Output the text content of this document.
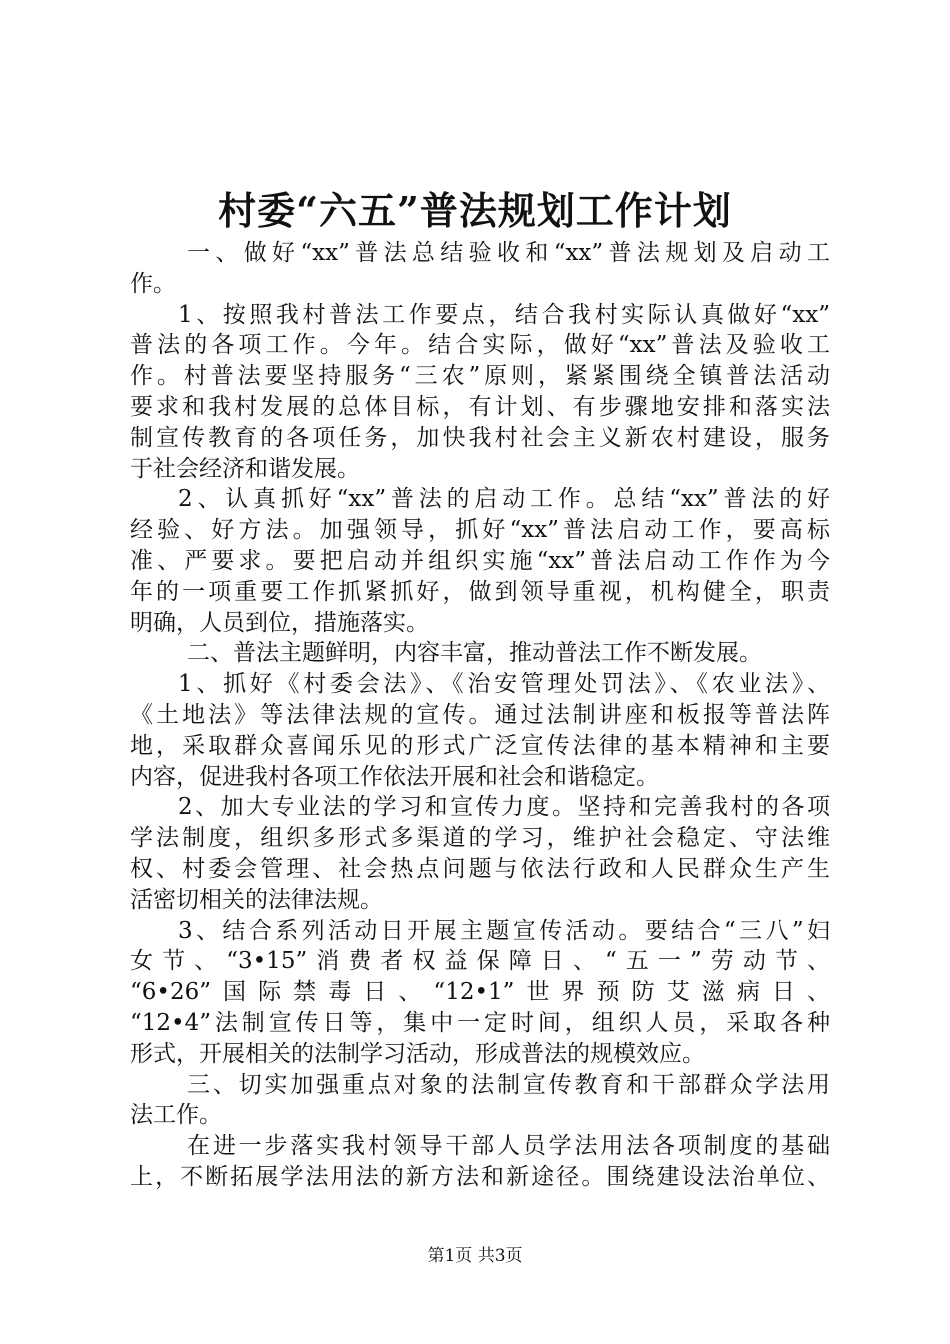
村委“六五”普法规划工作计划
一、做好“xx”普法总结验收和“xx”普法规划及启动工
作。
1、按照我村普法工作要点，结合我村实际认真做好“xx”
普法的各项工作。今年。结合实际，做好“xx”普法及验收工
作。村普法要坚持服务“三农”原则，紧紧围绕全镇普法活动
要求和我村发展的总体目标，有计划、有步骤地安排和落实法
制宣传教育的各项任务，加快我村社会主义新农村建设，服务
于社会经济和谐发展。
2、认真抓好“xx”普法的启动工作。总结“xx”普法的好
经验、好方法。加强领导，抓好“xx”普法启动工作，要高标
准、严要求。要把启动并组织实施“xx”普法启动工作作为今
年的一项重要工作抓紧抓好，做到领导重视，机构健全，职责
明确，人员到位，措施落实。
二、普法主题鲜明，内容丰富，推动普法工作不断发展。
1、抓好《村委会法》、《治安管理处罚法》、《农业法》、
《土地法》等法律法规的宣传。通过法制讲座和板报等普法阵
地，采取群众喜闻乐见的形式广泛宣传法律的基本精神和主要
内容，促进我村各项工作依法开展和社会和谐稳定。
2、加大专业法的学习和宣传力度。坚持和完善我村的各项
学法制度，组织多形式多渠道的学习，维护社会稳定、守法维
权、村委会管理、社会热点问题与依法行政和人民群众生产生
活密切相关的法律法规。
3、结合系列活动日开展主题宣传活动。要结合“三八”妇
女节、“3•15”消费者权益保障日、“五一”劳动节、
“6•26”国际禁毒日、“12•1”世界预防艾滋病日、
“12•4”法制宣传日等，集中一定时间，组织人员，采取各种
形式，开展相关的法制学习活动，形成普法的规模效应。
三、切实加强重点对象的法制宣传教育和干部群众学法用
法工作。
在进一步落实我村领导干部人员学法用法各项制度的基础
上，不断拓展学法用法的新方法和新途径。围绕建设法治单位、
第1页 共3页
